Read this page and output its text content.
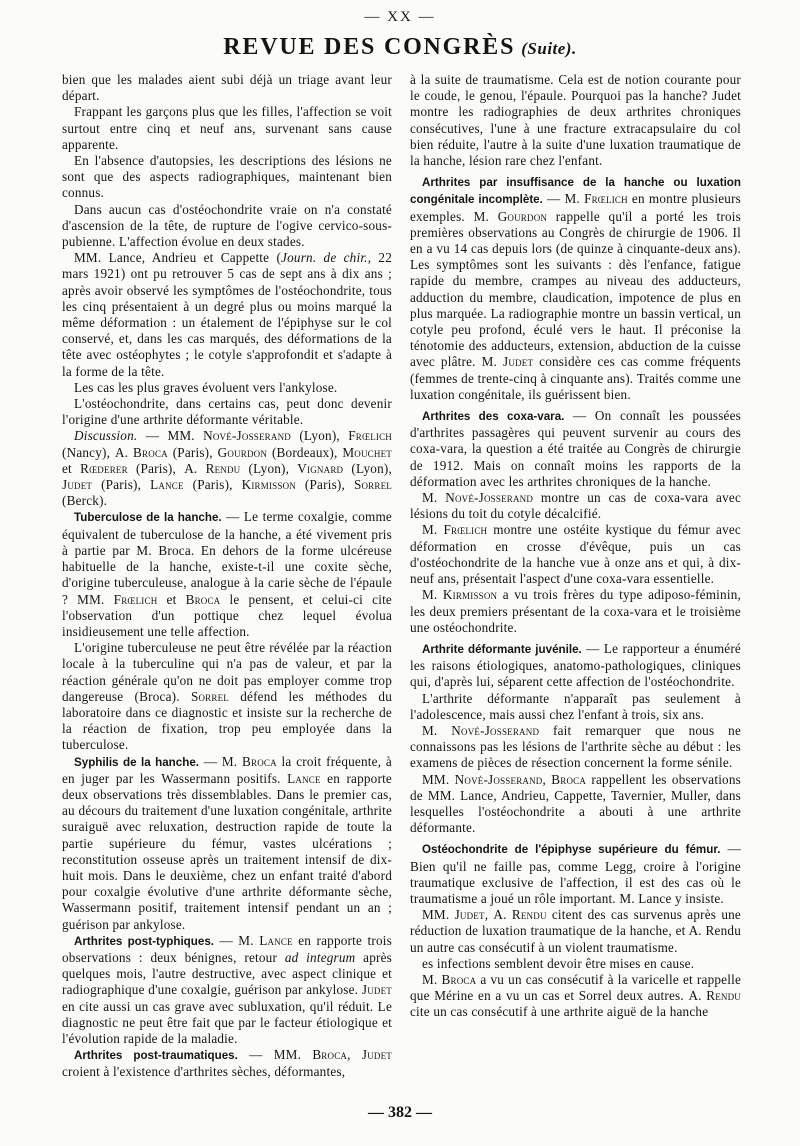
— XX —
REVUE DES CONGRÈS (Suite).

bien que les malades aient subi déjà un triage avant leur départ.

Frappant les garçons plus que les filles, l'affection se voit surtout entre cinq et neuf ans, survenant sans cause apparente.

En l'absence d'autopsies, les descriptions des lésions ne sont que des aspects radiographiques, maintenant bien connus.

Dans aucun cas d'ostéochondrite vraie on n'a constaté d'ascension de la tête, de rupture de l'ogive cervico-sous-pubienne. L'affection évolue en deux stades.

MM. Lance, Andrieu et Cappette (Journ. de chir., 22 mars 1921) ont pu retrouver 5 cas de sept ans à dix ans ; après avoir observé les symptômes de l'ostéochondrite, tous les cinq présentaient à un degré plus ou moins marqué la même déformation : un étalement de l'épiphyse sur le col conservé, et, dans les cas marqués, des déformations de la tête avec ostéophytes ; le cotyle s'approfondit et s'adapte à la forme de la tête.

Les cas les plus graves évoluent vers l'ankylose.

L'ostéochondrite, dans certains cas, peut donc devenir l'origine d'une arthrite déformante véritable.

Discussion. — MM. Nové-Josserand (Lyon), Frœlich (Nancy), A. Broca (Paris), Gourdon (Bordeaux), Mouchet et Rœderer (Paris), A. Rendu (Lyon), Vignard (Lyon), Judet (Paris), Lance (Paris), Kirmisson (Paris), Sorrel (Berck).

Tuberculose de la hanche. — Le terme coxalgie, comme équivalent de tuberculose de la hanche, a été vivement pris à partie par M. Broca. En dehors de la forme ulcéreuse habituelle de la hanche, existe-t-il une coxite sèche, d'origine tuberculeuse, analogue à la carie sèche de l'épaule ? MM. Frœlich et Broca le pensent, et celui-ci cite l'observation d'un pottique chez lequel évolua insidieusement une telle affection.

L'origine tuberculeuse ne peut être révélée par la réaction locale à la tuberculine qui n'a pas de valeur, et par la réaction générale qu'on ne doit pas employer comme trop dangereuse (Broca). Sorrel défend les méthodes du laboratoire dans ce diagnostic et insiste sur la recherche de la réaction de fixation, trop peu employée dans la tuberculose.

Syphilis de la hanche. — M. Broca la croit fréquente, à en juger par les Wassermann positifs. Lance en rapporte deux observations très dissemblables. Dans le premier cas, au décours du traitement d'une luxation congénitale, arthrite suraiguë avec reluxation, destruction rapide de toute la partie supérieure du fémur, vastes ulcérations ; reconstitution osseuse après un traitement intensif de dix-huit mois. Dans le deuxième, chez un enfant traité d'abord pour coxalgie évolutive d'une arthrite déformante sèche, Wassermann positif, traitement intensif pendant un an ; guérison par ankylose.

Arthrites post-typhiques. — M. Lance en rapporte trois observations : deux bénignes, retour ad integrum après quelques mois, l'autre destructive, avec aspect clinique et radiographique d'une coxalgie, guérison par ankylose. Judet en cite aussi un cas grave avec subluxation, qu'il réduit. Le diagnostic ne peut être fait que par le facteur étiologique et l'évolution rapide de la maladie.

Arthrites post-traumatiques. — MM. Broca, Judet croient à l'existence d'arthrites sèches, déformantes,

à la suite de traumatisme. Cela est de notion courante pour le coude, le genou, l'épaule. Pourquoi pas la hanche? Judet montre les radiographies de deux arthrites chroniques consécutives, l'une à une fracture extracapsulaire du col bien réduite, l'autre à la suite d'une luxation traumatique de la hanche, lésion rare chez l'enfant.

Arthrites par insuffisance de la hanche ou luxation congénitale incomplète. — M. Frœlich en montre plusieurs exemples. M. Gourdon rappelle qu'il a porté les trois premières observations au Congrès de chirurgie de 1906. Il en a vu 14 cas depuis lors (de quinze à cinquante-deux ans). Les symptômes sont les suivants : dès l'enfance, fatigue rapide du membre, crampes au niveau des adducteurs, adduction du membre, claudication, impotence de plus en plus marquée. La radiographie montre un bassin vertical, un cotyle peu profond, éculé vers le haut. Il préconise la ténotomie des adducteurs, extension, abduction de la cuisse avec plâtre. M. Judet considère ces cas comme fréquents (femmes de trente-cinq à cinquante ans). Traités comme une luxation congénitale, ils guérissent bien.

Arthrites des coxa-vara. — On connaît les poussées d'arthrites passagères qui peuvent survenir au cours des coxa-vara, la question a été traitée au Congrès de chirurgie de 1912. Mais on connaît moins les rapports de la déformation avec les arthrites chroniques de la hanche.

M. Nové-Josserand montre un cas de coxa-vara avec lésions du toit du cotyle décalcifié.

M. Frœlich montre une ostéite kystique du fémur avec déformation en crosse d'évêque, puis un cas d'ostéochondrite de la hanche vue à onze ans et qui, à dix-neuf ans, présentait l'aspect d'une coxa-vara essentielle.

M. Kirmisson a vu trois frères du type adiposo-féminin, les deux premiers présentant de la coxa-vara et le troisième une ostéochondrite.

Arthrite déformante juvénile. — Le rapporteur a énuméré les raisons étiologiques, anatomo-pathologiques, cliniques qui, d'après lui, séparent cette affection de l'ostéochondrite.

L'arthrite déformante n'apparaît pas seulement à l'adolescence, mais aussi chez l'enfant à trois, six ans.

M. Nové-Josserand fait remarquer que nous ne connaissons pas les lésions de l'arthrite sèche au début : les examens de pièces de résection concernent la forme sénile.

MM. Nové-Josserand, Broca rappellent les observations de MM. Lance, Andrieu, Cappette, Tavernier, Muller, dans lesquelles l'ostéochondrite a abouti à une arthrite déformante.

Ostéochondrite de l'épiphyse supérieure du fémur. — Bien qu'il ne faille pas, comme Legg, croire à l'origine traumatique exclusive de l'affection, il est des cas où le traumatisme a joué un rôle important. M. Lance y insiste.

MM. Judet, A. Rendu citent des cas survenus après une réduction de luxation traumatique de la hanche, et A. Rendu un autre cas consécutif à un violent traumatisme.

es infections semblent devoir être mises en cause.

M. Broca a vu un cas consécutif à la varicelle et rappelle que Mérine en a vu un cas et Sorrel deux autres. A. Rendu cite un cas consécutif à une arthrite aiguë de la hanche

— 382 —
